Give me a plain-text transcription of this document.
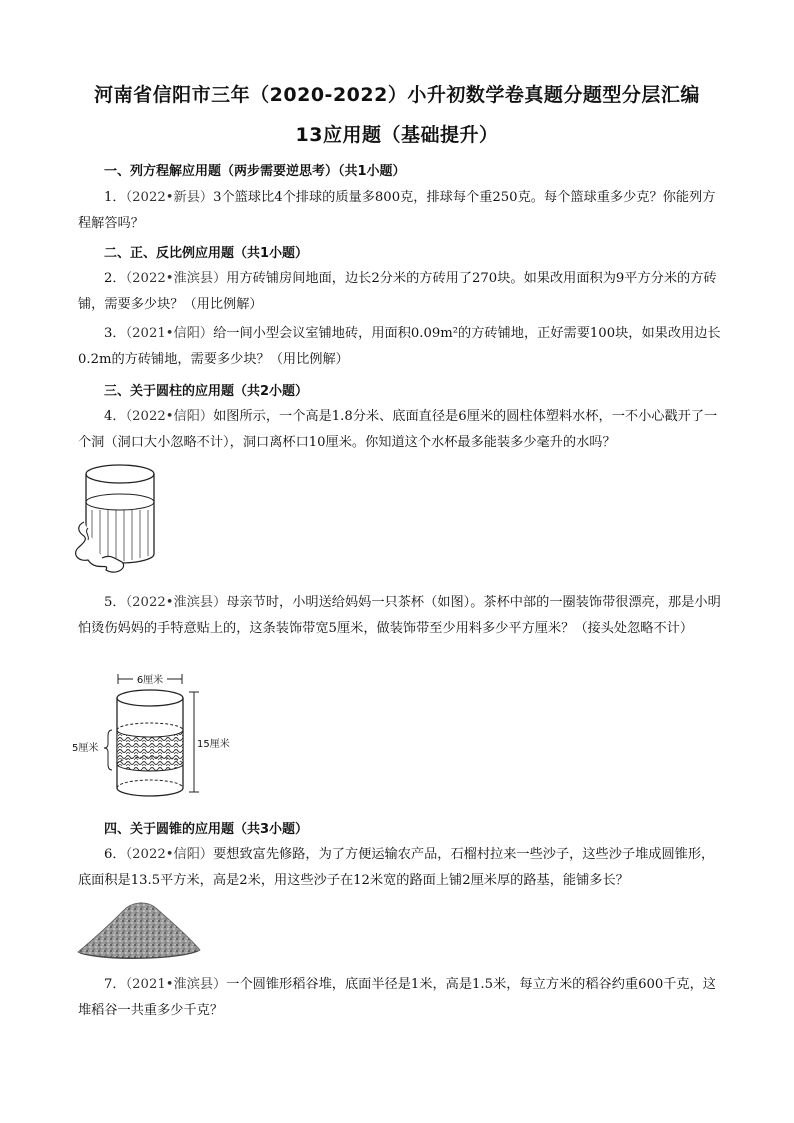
河南省信阳市三年（2020-2022）小升初数学卷真题分题型分层汇编
13应用题（基础提升）
一、列方程解应用题（两步需要逆思考）（共1小题）
1．（2022•新县）3个篮球比4个排球的质量多800克，排球每个重250克。每个篮球重多少克？你能列方程解答吗？
二、正、反比例应用题（共1小题）
2．（2022•淮滨县）用方砖铺房间地面，边长2分米的方砖用了270块。如果改用面积为9平方分米的方砖铺，需要多少块？（用比例解）
3．（2021•信阳）给一间小型会议室铺地砖，用面积0.09m²的方砖铺地，正好需要100块，如果改用边长0.2m的方砖铺地，需要多少块？（用比例解）
三、关于圆柱的应用题（共2小题）
4．（2022•信阳）如图所示，一个高是1.8分米、底面直径是6厘米的圆柱体塑料水杯，一不小心戳开了一个洞（洞口大小忽略不计），洞口离杯口10厘米。你知道这个水杯最多能装多少毫升的水吗？
5．（2022•淮滨县）母亲节时，小明送给妈妈一只茶杯（如图）。茶杯中部的一圈装饰带很漂亮，那是小明怕烫伤妈妈的手特意贴上的，这条装饰带宽5厘米，做装饰带至少用料多少平方厘米？（接头处忽略不计）
6厘米
5厘米	15厘米
四、关于圆锥的应用题（共3小题）
6．（2022•信阳）要想致富先修路，为了方便运输农产品，石榴村拉来一些沙子，这些沙子堆成圆锥形，底面积是13.5平方米，高是2米，用这些沙子在12米宽的路面上铺2厘米厚的路基，能铺多长？
7．（2021•淮滨县）一个圆锥形稻谷堆，底面半径是1米，高是1.5米，每立方米的稻谷约重600千克，这堆稻谷一共重多少千克？
